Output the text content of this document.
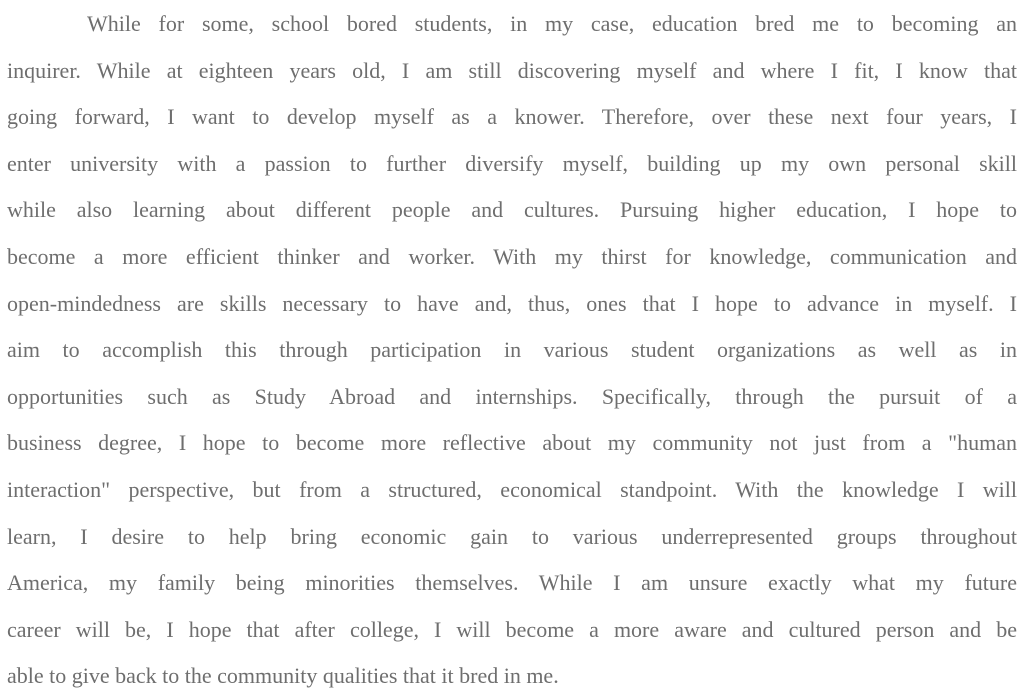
While for some, school bored students, in my case, education bred me to becoming an
inquirer. While at eighteen years old, I am still discovering myself and where I fit, I know that
going forward, I want to develop myself as a knower. Therefore, over these next four years, I
enter university with a passion to further diversify myself, building up my own personal skill
while also learning about different people and cultures. Pursuing higher education, I hope to
become a more efficient thinker and worker. With my thirst for knowledge, communication and
open-mindedness are skills necessary to have and, thus, ones that I hope to advance in myself. I
aim to accomplish this through participation in various student organizations as well as in
opportunities such as Study Abroad and internships. Specifically, through the pursuit of a
business degree, I hope to become more reflective about my community not just from a "human
interaction" perspective, but from a structured, economical standpoint. With the knowledge I will
learn, I desire to help bring economic gain to various underrepresented groups throughout
America, my family being minorities themselves. While I am unsure exactly what my future
career will be, I hope that after college, I will become a more aware and cultured person and be
able to give back to the community qualities that it bred in me.
